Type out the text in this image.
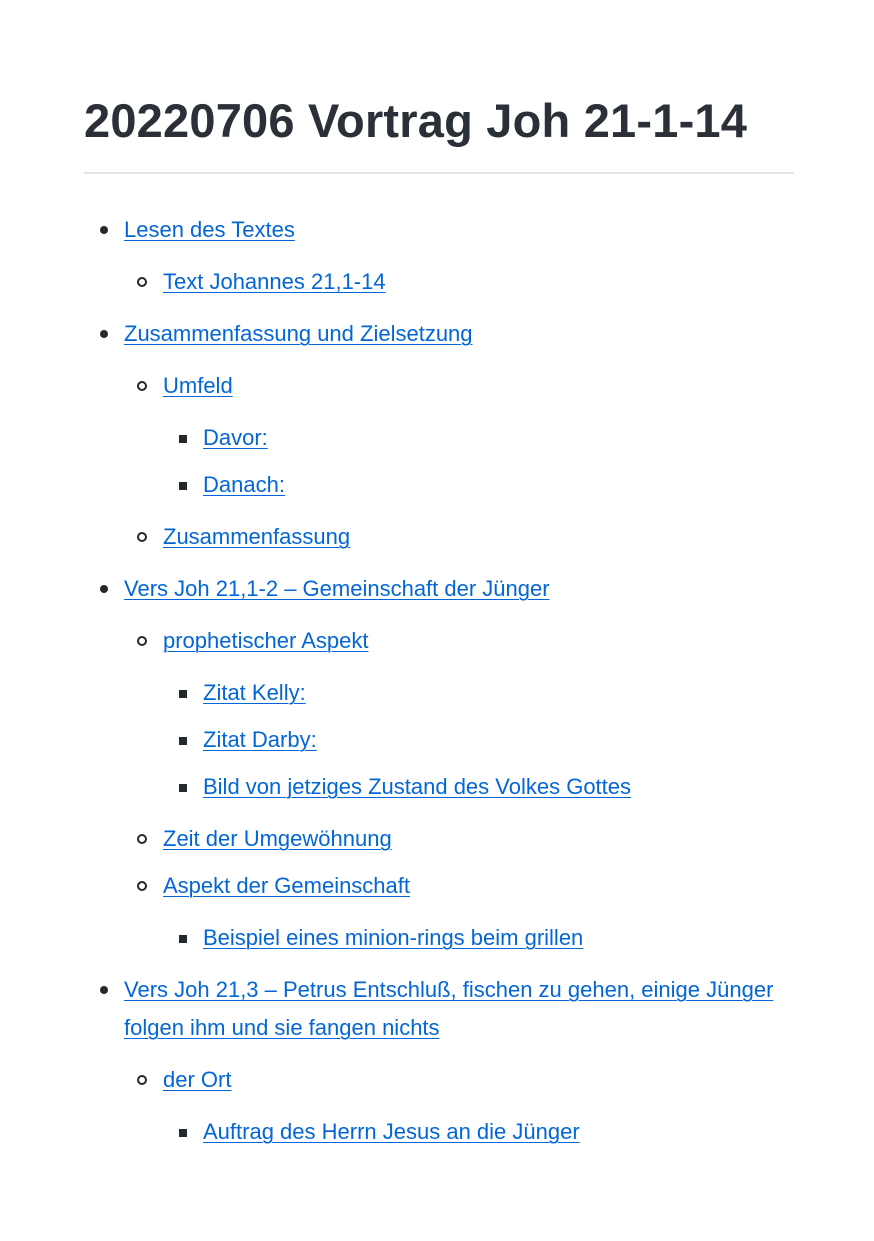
20220706 Vortrag Joh 21-1-14
Lesen des Textes
Text Johannes 21,1-14
Zusammenfassung und Zielsetzung
Umfeld
Davor:
Danach:
Zusammenfassung
Vers Joh 21,1-2 – Gemeinschaft der Jünger
prophetischer Aspekt
Zitat Kelly:
Zitat Darby:
Bild von jetziges Zustand des Volkes Gottes
Zeit der Umgewöhnung
Aspekt der Gemeinschaft
Beispiel eines minion-rings beim grillen
Vers Joh 21,3 – Petrus Entschluß, fischen zu gehen, einige Jünger folgen ihm und sie fangen nichts
der Ort
Auftrag des Herrn Jesus an die Jünger
